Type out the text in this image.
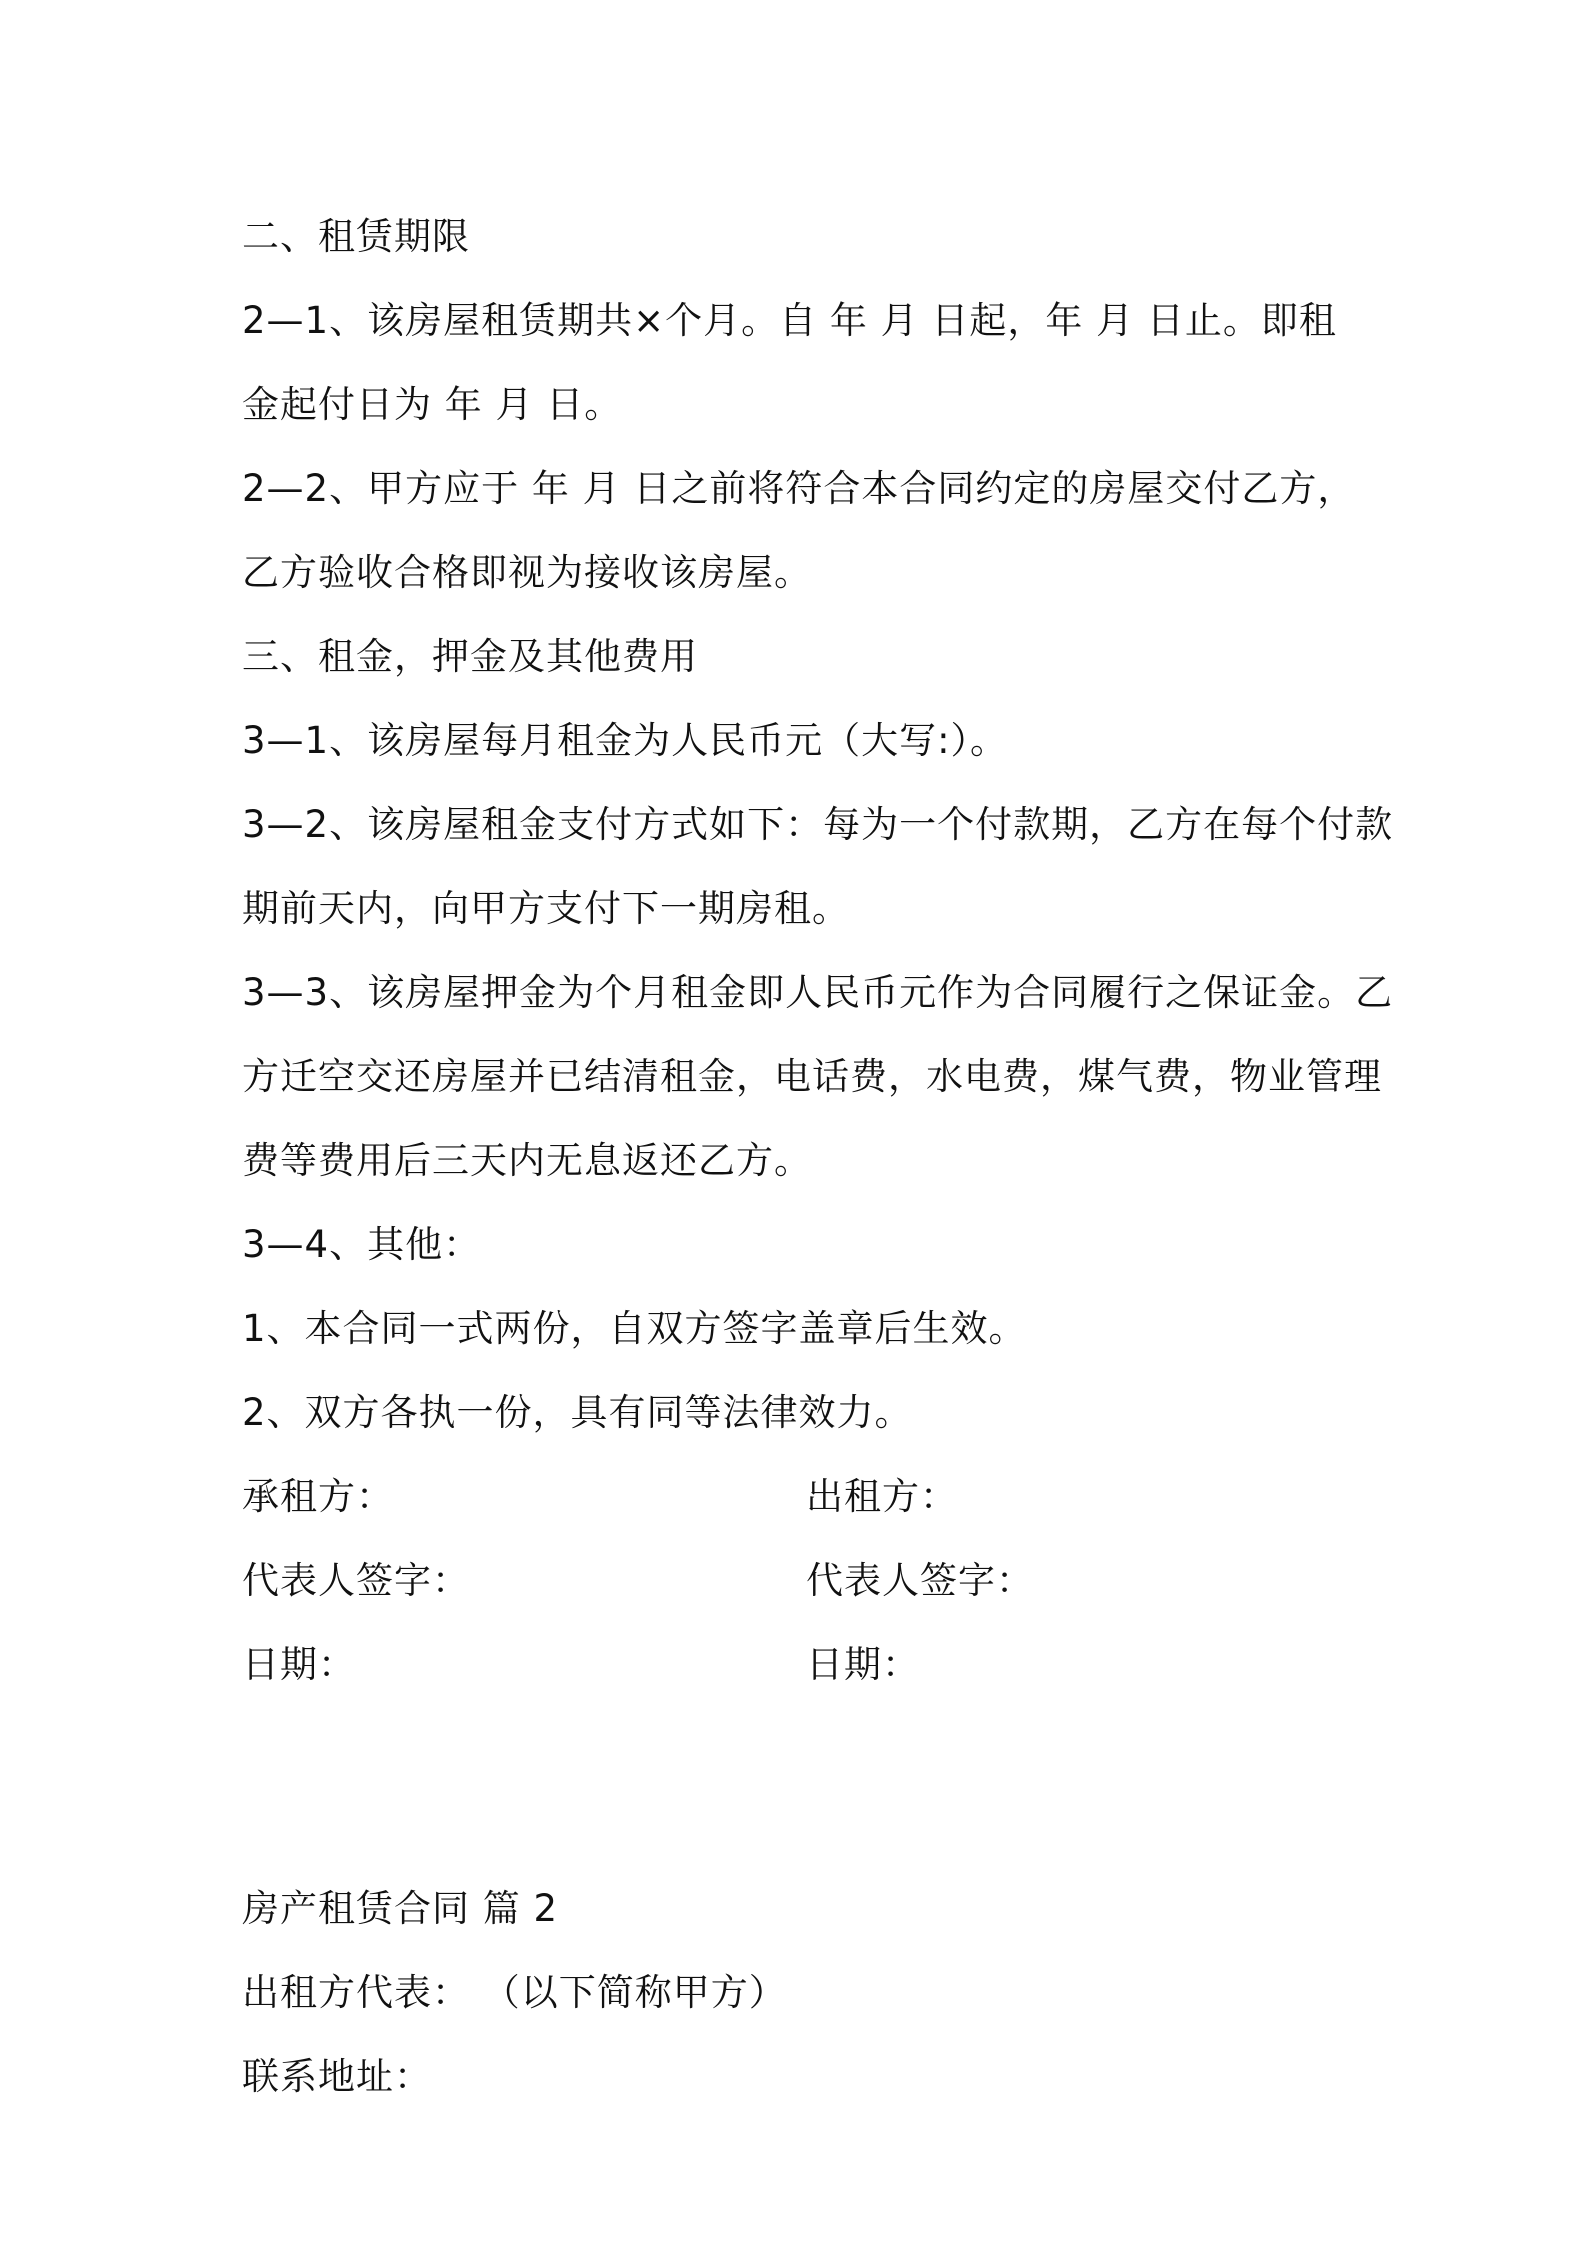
二、租赁期限
2—1、该房屋租赁期共×个月。自 年 月 日起，年 月 日止。即租
金起付日为 年 月 日。
2—2、甲方应于 年 月 日之前将符合本合同约定的房屋交付乙方，
乙方验收合格即视为接收该房屋。
三、租金，押金及其他费用
3—1、该房屋每月租金为人民币元（大写:）。
3—2、该房屋租金支付方式如下：每为一个付款期，乙方在每个付款
期前天内，向甲方支付下一期房租。
3—3、该房屋押金为个月租金即人民币元作为合同履行之保证金。乙
方迁空交还房屋并已结清租金，电话费，水电费，煤气费，物业管理
费等费用后三天内无息返还乙方。
3—4、其他：
1、本合同一式两份，自双方签字盖章后生效。
2、双方各执一份，具有同等法律效力。
承租方：	出租方：
代表人签字：	代表人签字：
日期：	日期：
房产租赁合同 篇 2
出租方代表： （以下简称甲方）
联系地址：
